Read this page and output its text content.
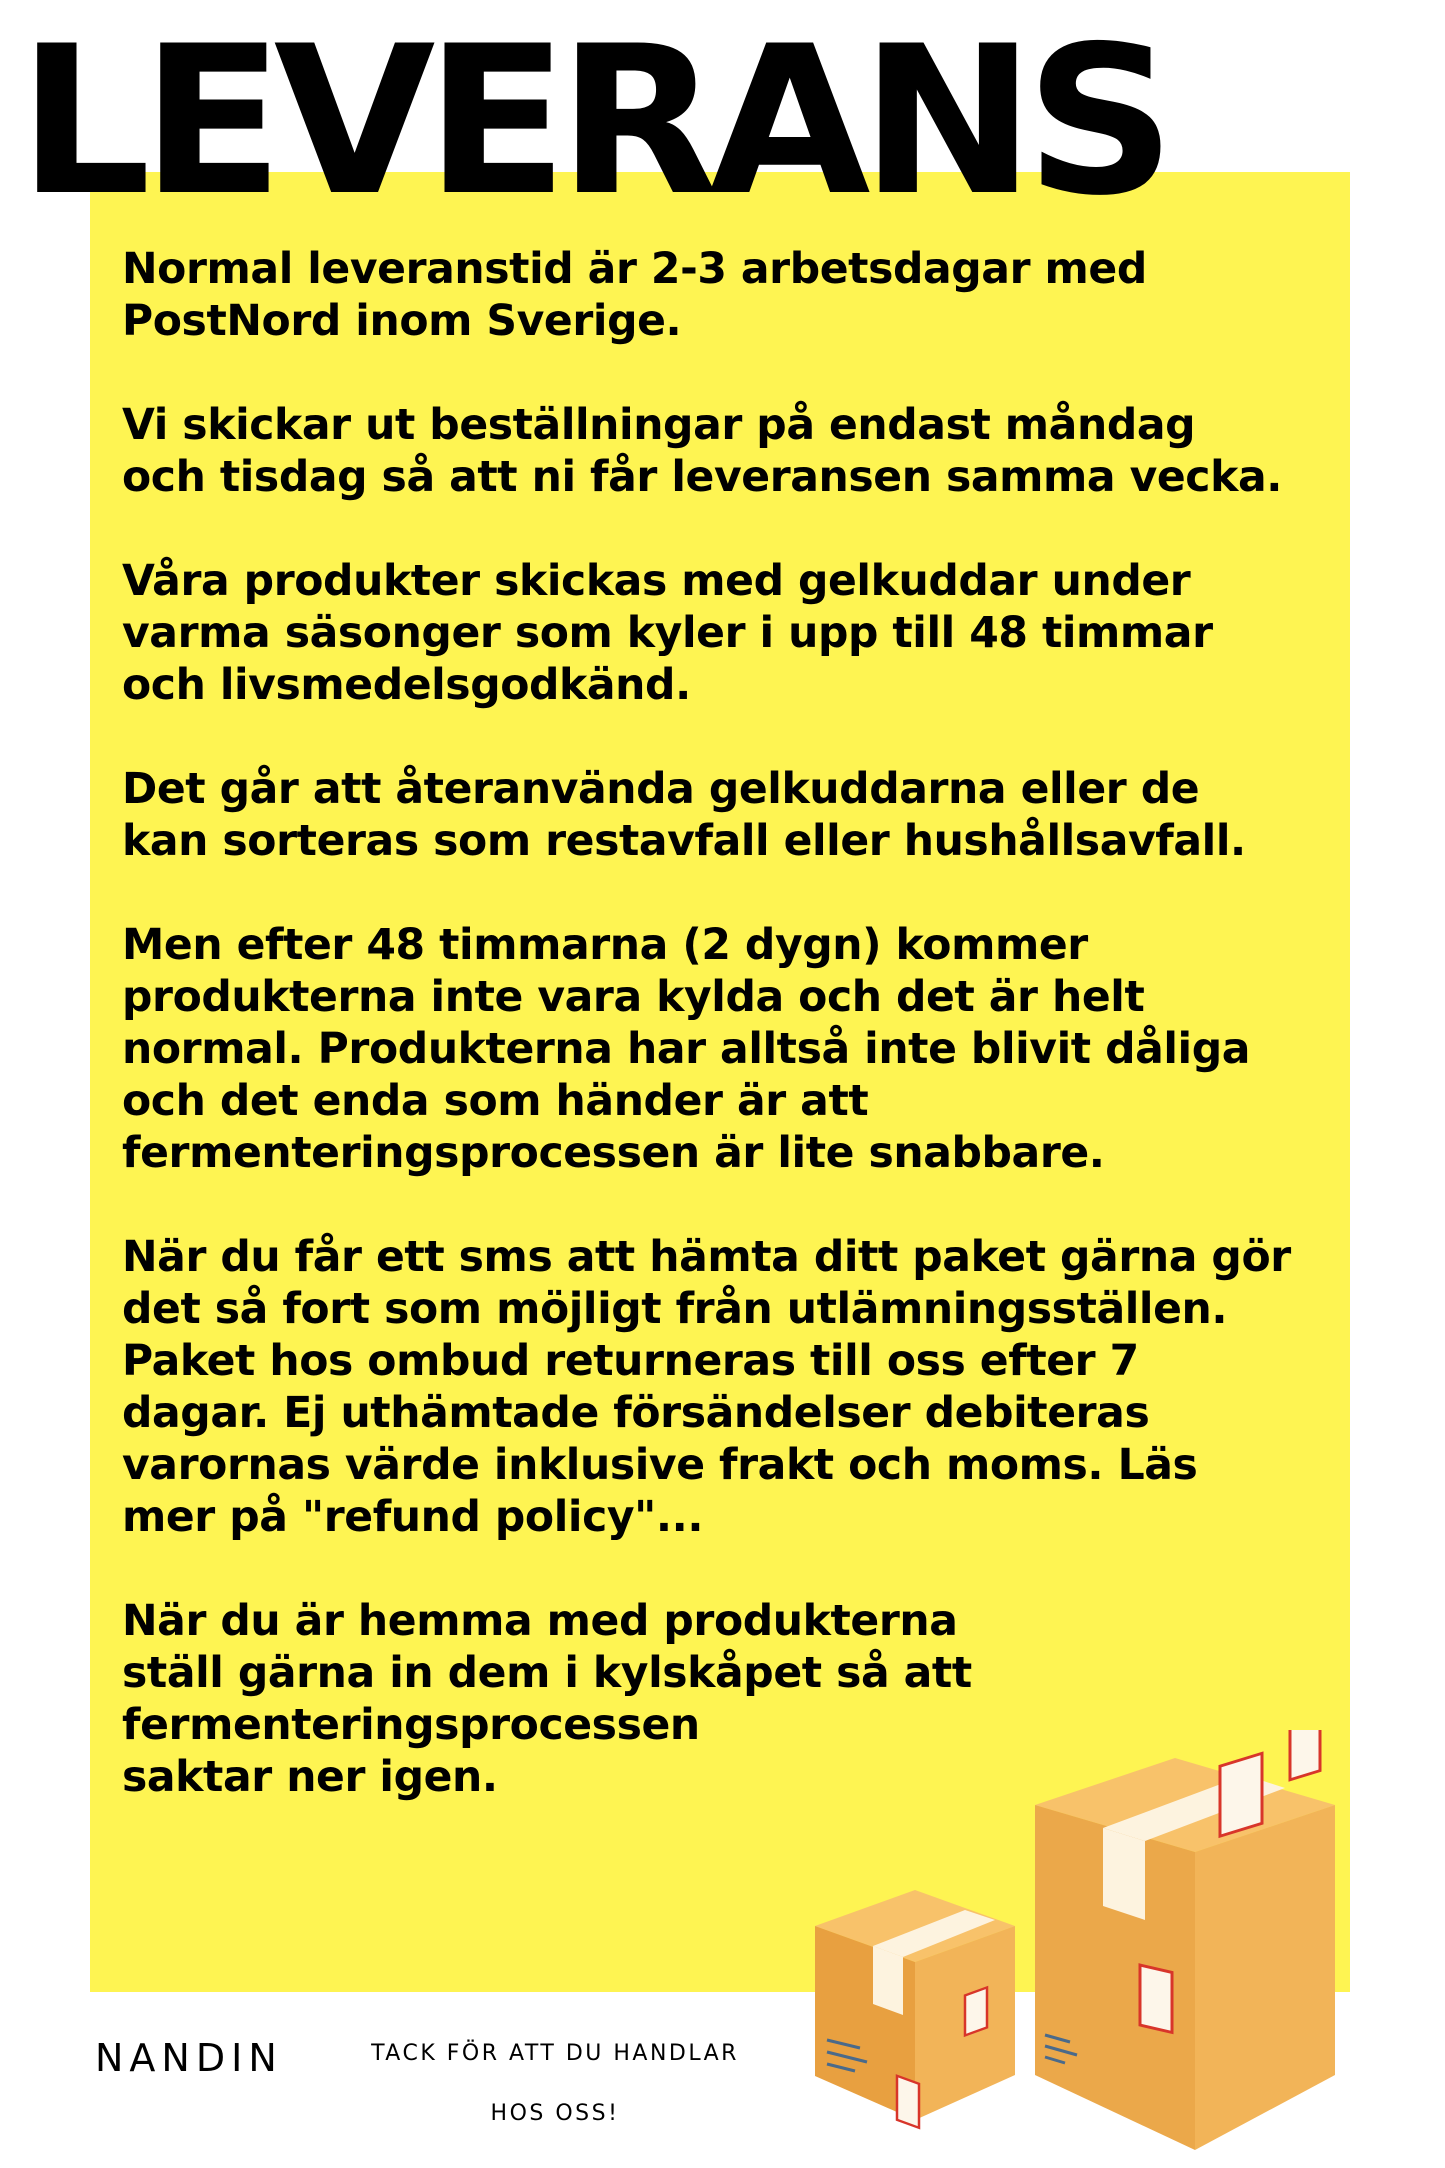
LEVERANS

Normal leveranstid är 2-3 arbetsdagar med
PostNord inom Sverige.

Vi skickar ut beställningar på endast måndag
och tisdag så att ni får leveransen samma vecka.

Våra produkter skickas med gelkuddar under
varma säsonger som kyler i upp till 48 timmar
och livsmedelsgodkänd.

Det går att återanvända gelkuddarna eller de
kan sorteras som restavfall eller hushållsavfall.

Men efter 48 timmarna (2 dygn) kommer
produkterna inte vara kylda och det är helt
normal. Produkterna har alltså inte blivit dåliga
och det enda som händer är att
fermenteringsprocessen är lite snabbare.

När du får ett sms att hämta ditt paket gärna gör
det så fort som möjligt från utlämningsställen.
Paket hos ombud returneras till oss efter 7
dagar. Ej uthämtade försändelser debiteras
varornas värde inklusive frakt och moms. Läs
mer på "refund policy"...

När du är hemma med produkterna
ställ gärna in dem i kylskåpet så att
fermenteringsprocessen
saktar ner igen.

NANDIN	TACK FÖR ATT DU HANDLAR
HOS OSS!
